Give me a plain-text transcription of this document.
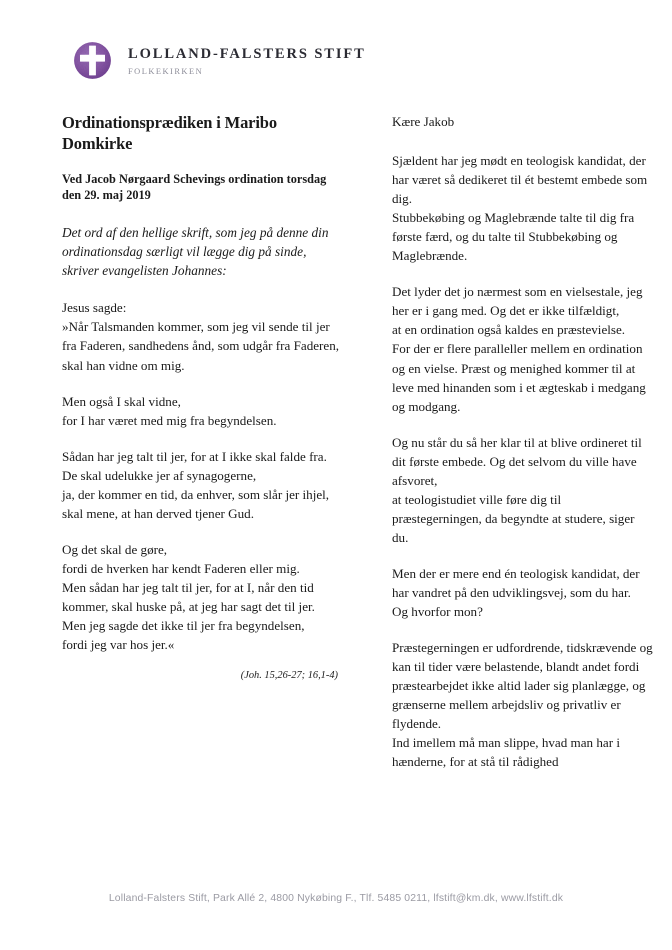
LOLLAND-FALSTERS STIFT
FOLKEKIRKEN
Ordinationsprædiken i Maribo Domkirke
Ved Jacob Nørgaard Schevings ordination torsdag den 29. maj 2019
Det ord af den hellige skrift, som jeg på denne din ordinationsdag særligt vil lægge dig på sinde, skriver evangelisten Johannes:
Jesus sagde:
»Når Talsmanden kommer, som jeg vil sende til jer
fra Faderen, sandhedens ånd, som udgår fra Faderen,
skal han vidne om mig.
Men også I skal vidne,
for I har været med mig fra begyndelsen.
Sådan har jeg talt til jer, for at I ikke skal falde fra.
De skal udelukke jer af synagogerne,
ja, der kommer en tid, da enhver, som slår jer ihjel,
skal mene, at han derved tjener Gud.
Og det skal de gøre,
fordi de hverken har kendt Faderen eller mig.
Men sådan har jeg talt til jer, for at I, når den tid kommer, skal huske på, at jeg har sagt det til jer.
Men jeg sagde det ikke til jer fra begyndelsen,
fordi jeg var hos jer.«
(Joh. 15,26-27; 16,1-4)
Kære Jakob
Sjældent har jeg mødt en teologisk kandidat, der har været så dedikeret til ét bestemt embede som dig.
Stubbekøbing og Maglebrænde talte til dig fra første færd, og du talte til Stubbekøbing og Maglebrænde.
Det lyder det jo nærmest som en vielsestale, jeg her er i gang med. Og det er ikke tilfældigt,
at en ordination også kaldes en præstevielse.
For der er flere paralleller mellem en ordination og en vielse. Præst og menighed kommer til at leve med hinanden som i et ægteskab i medgang og modgang.
Og nu står du så her klar til at blive ordineret til dit første embede. Og det selvom du ville have afsvoret,
at teologistudiet ville føre dig til præstegerningen, da begyndte at studere, siger du.
Men der er mere end én teologisk kandidat, der har vandret på den udviklingsvej, som du har.
Og hvorfor mon?
Præstegerningen er udfordrende, tidskrævende og kan til tider være belastende, blandt andet fordi præstearbejdet ikke altid lader sig planlægge, og grænserne mellem arbejdsliv og privatliv er flydende.
Ind imellem må man slippe, hvad man har i hænderne, for at stå til rådighed
Lolland-Falsters Stift, Park Allé 2, 4800 Nykøbing F., Tlf. 5485 0211, lfstift@km.dk, www.lfstift.dk
